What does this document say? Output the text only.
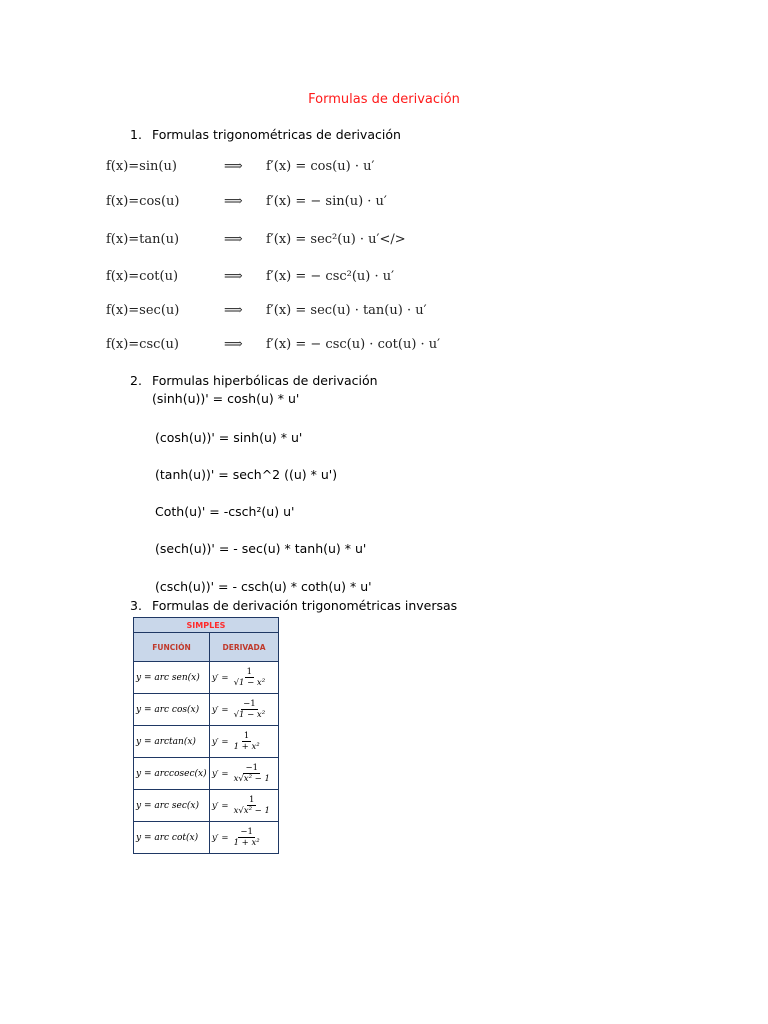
Formulas de derivación
1. Formulas trigonométricas de derivación
f(x)=sin(u)	⟹ f′(x) = cos(u) · u′
f(x)=cos(u)	⟹ f′(x) = − sin(u) · u′
f(x)=tan(u)	⟹ f′(x) = sec²(u) · u′</>
f(x)=cot(u)	⟹ f′(x) = − csc²(u) · u′
f(x)=sec(u)	⟹ f′(x) = sec(u) · tan(u) · u′
f(x)=csc(u)	⟹ f′(x) = − csc(u) · cot(u) · u′
2. Formulas hiperbólicas de derivación
(sinh(u))' = cosh(u) * u'
(cosh(u))' = sinh(u) * u'
(tanh(u))' = sech^2 ((u) * u')
Coth(u)' = -csch²(u) u'
(sech(u))' = - sec(u) * tanh(u) * u'
(csch(u))' = - csch(u) * coth(u) * u'
3. Formulas de derivación trigonométricas inversas
SIMPLES	
FUNCIÓN	DERIVADA
y = arc sen(x)	$y' = \frac{1}{\text{√1 − x²}}$

y = arc cos(x)	$y' = \frac{-1}{\text{√1 − x²}}$

y = arctan(x)	$y' = \frac{1}{\text{1 + x²}}$

y = arccosec(x)	$y' = \frac{-1}{\text{x√x² − 1}}$

y = arc sec(x)	$y' = \frac{1}{\text{x√x² − 1}}$

y = arc cot(x)	$y' = \frac{-1}{\text{1 + x²}}$
